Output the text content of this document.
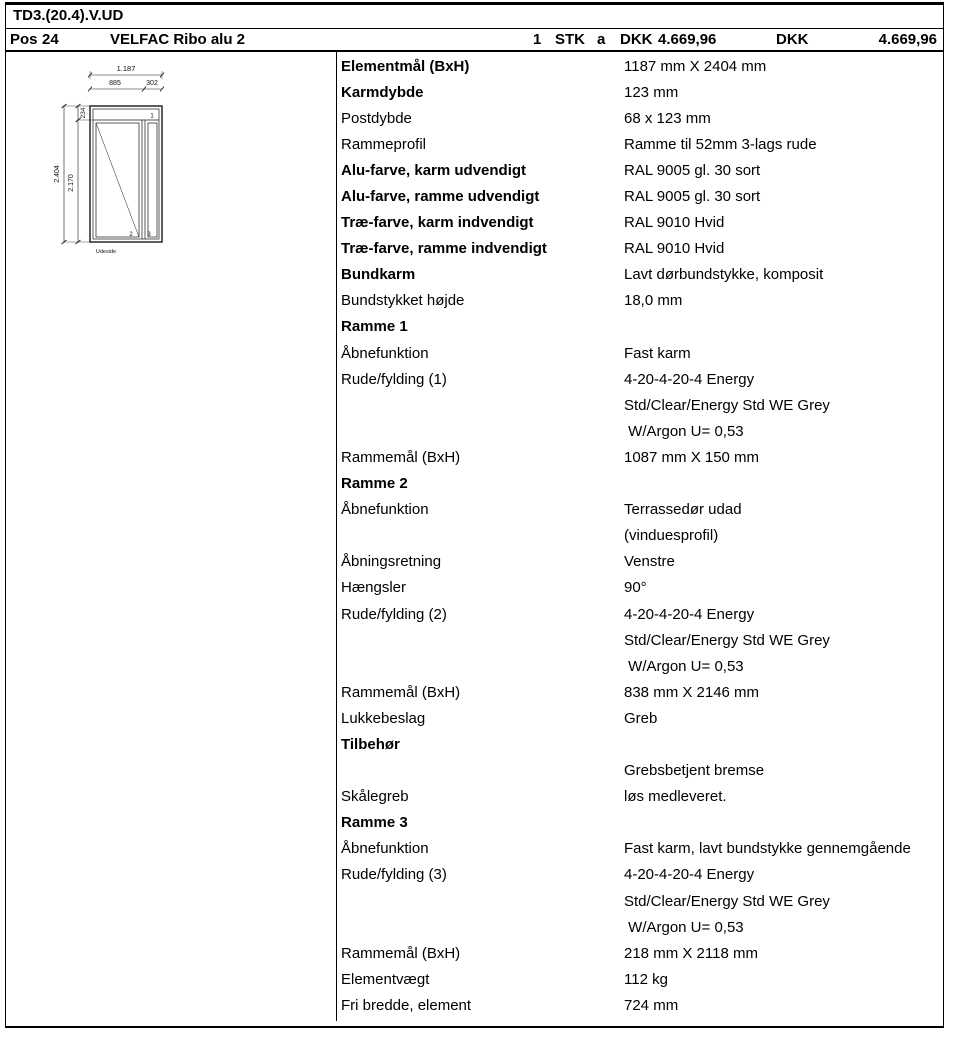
TD3.(20.4).V.UD
Pos 24	VELFAC Ribo alu 2	1 STK a DKK 4.669,96	DKK	4.669,96
1.187
885	302
2.404
2.170
234	1
2 3
Udeside
Elementmål (BxH)	1187 mm X 2404 mm
Karmdybde	123 mm
Postdybde	68 x 123 mm
Rammeprofil	Ramme til 52mm 3-lags rude
Alu-farve, karm udvendigt	RAL 9005 gl. 30 sort
Alu-farve, ramme udvendigt	RAL 9005 gl. 30 sort
Træ-farve, karm indvendigt	RAL 9010 Hvid
Træ-farve, ramme indvendigt	RAL 9010 Hvid
Bundkarm	Lavt dørbundstykke, komposit
Bundstykket højde	18,0 mm
Ramme 1
Åbnefunktion	Fast karm
Rude/fylding (1)	4-20-4-20-4 Energy
Std/Clear/Energy Std WE Grey
W/Argon U= 0,53
Rammemål (BxH)	1087 mm X 150 mm
Ramme 2
Åbnefunktion	Terrassedør udad
(vinduesprofil)
Åbningsretning	Venstre
Hængsler	90°
Rude/fylding (2)	4-20-4-20-4 Energy
Std/Clear/Energy Std WE Grey
W/Argon U= 0,53
Rammemål (BxH)	838 mm X 2146 mm
Lukkebeslag	Greb
Tilbehør
Grebsbetjent bremse
Skålegreb	løs medleveret.
Ramme 3
Åbnefunktion	Fast karm, lavt bundstykke gennemgående
Rude/fylding (3)	4-20-4-20-4 Energy
Std/Clear/Energy Std WE Grey
W/Argon U= 0,53
Rammemål (BxH)	218 mm X 2118 mm
Elementvægt	112 kg
Fri bredde, element	724 mm
